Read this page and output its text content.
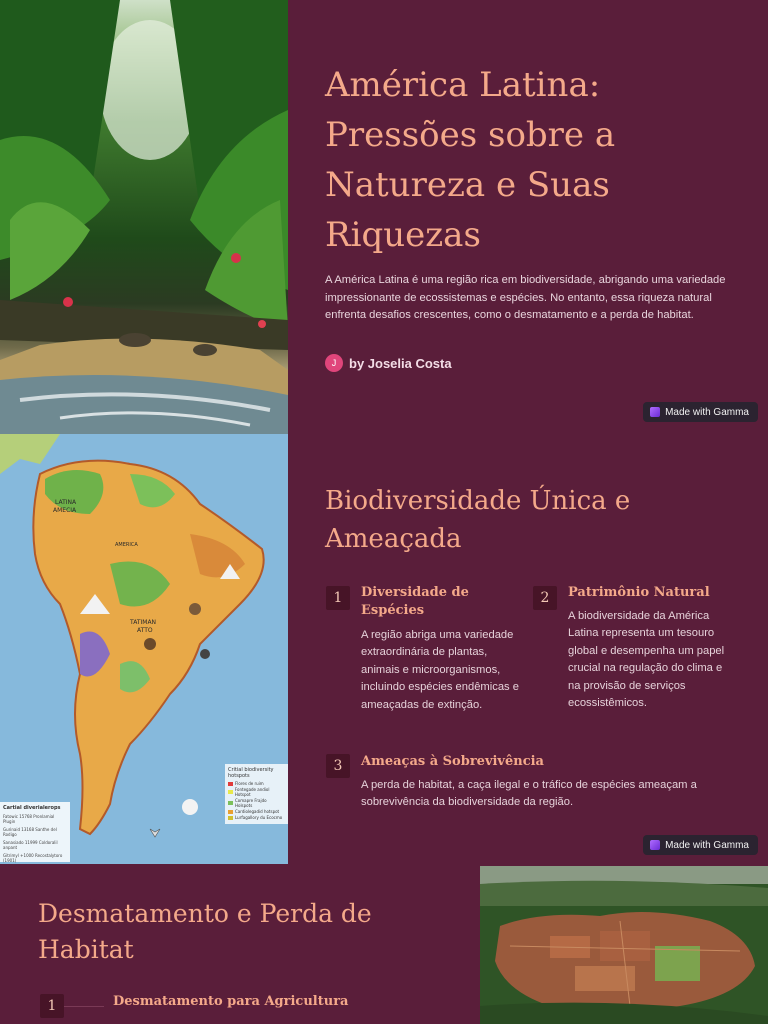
América Latina: Pressões sobre a Natureza e Suas Riquezas

A América Latina é uma região rica em biodiversidade, abrigando uma variedade impressionante de ecossistemas e espécies. No entanto, essa riqueza natural enfrenta desafios crescentes, como o desmatamento e a perda de habitat.

J by Joselia Costa
Made with Gamma
LATINA
AMECIA
AMERICA
TATIMAN
ATTO
Critial biodiversity hotspots
Flores de ruim
Fontegade andiol Hotspot
Comapre Frajdo Holspots
Cardiolegadid hotspot
Lurfagallory du Ecocmo
Cartial diverialerops
Fatowic 15768 Pronlamial Plugin
Gurinaid 13168 Santhe del Rodigo
Sanasiado 11999 Coldoralil anpant
Gitrimyl +1000 Recostalytoro (1901)
Biodiversidade Única e Ameaçada
1	Diversidade de Espécies
A região abriga uma variedade extraordinária de plantas, animais e microorganismos, incluindo espécies endêmicas e ameaçadas de extinção.
2	Patrimônio Natural
A biodiversidade da América Latina representa um tesouro global e desempenha um papel crucial na regulação do clima e na provisão de serviços ecossistêmicos.
3	Ameaças à Sobrevivência
A perda de habitat, a caça ilegal e o tráfico de espécies ameaçam a sobrevivência da biodiversidade da região.
Made with Gamma
Desmatamento e Perda de Habitat
1	Desmatamento para Agricultura
